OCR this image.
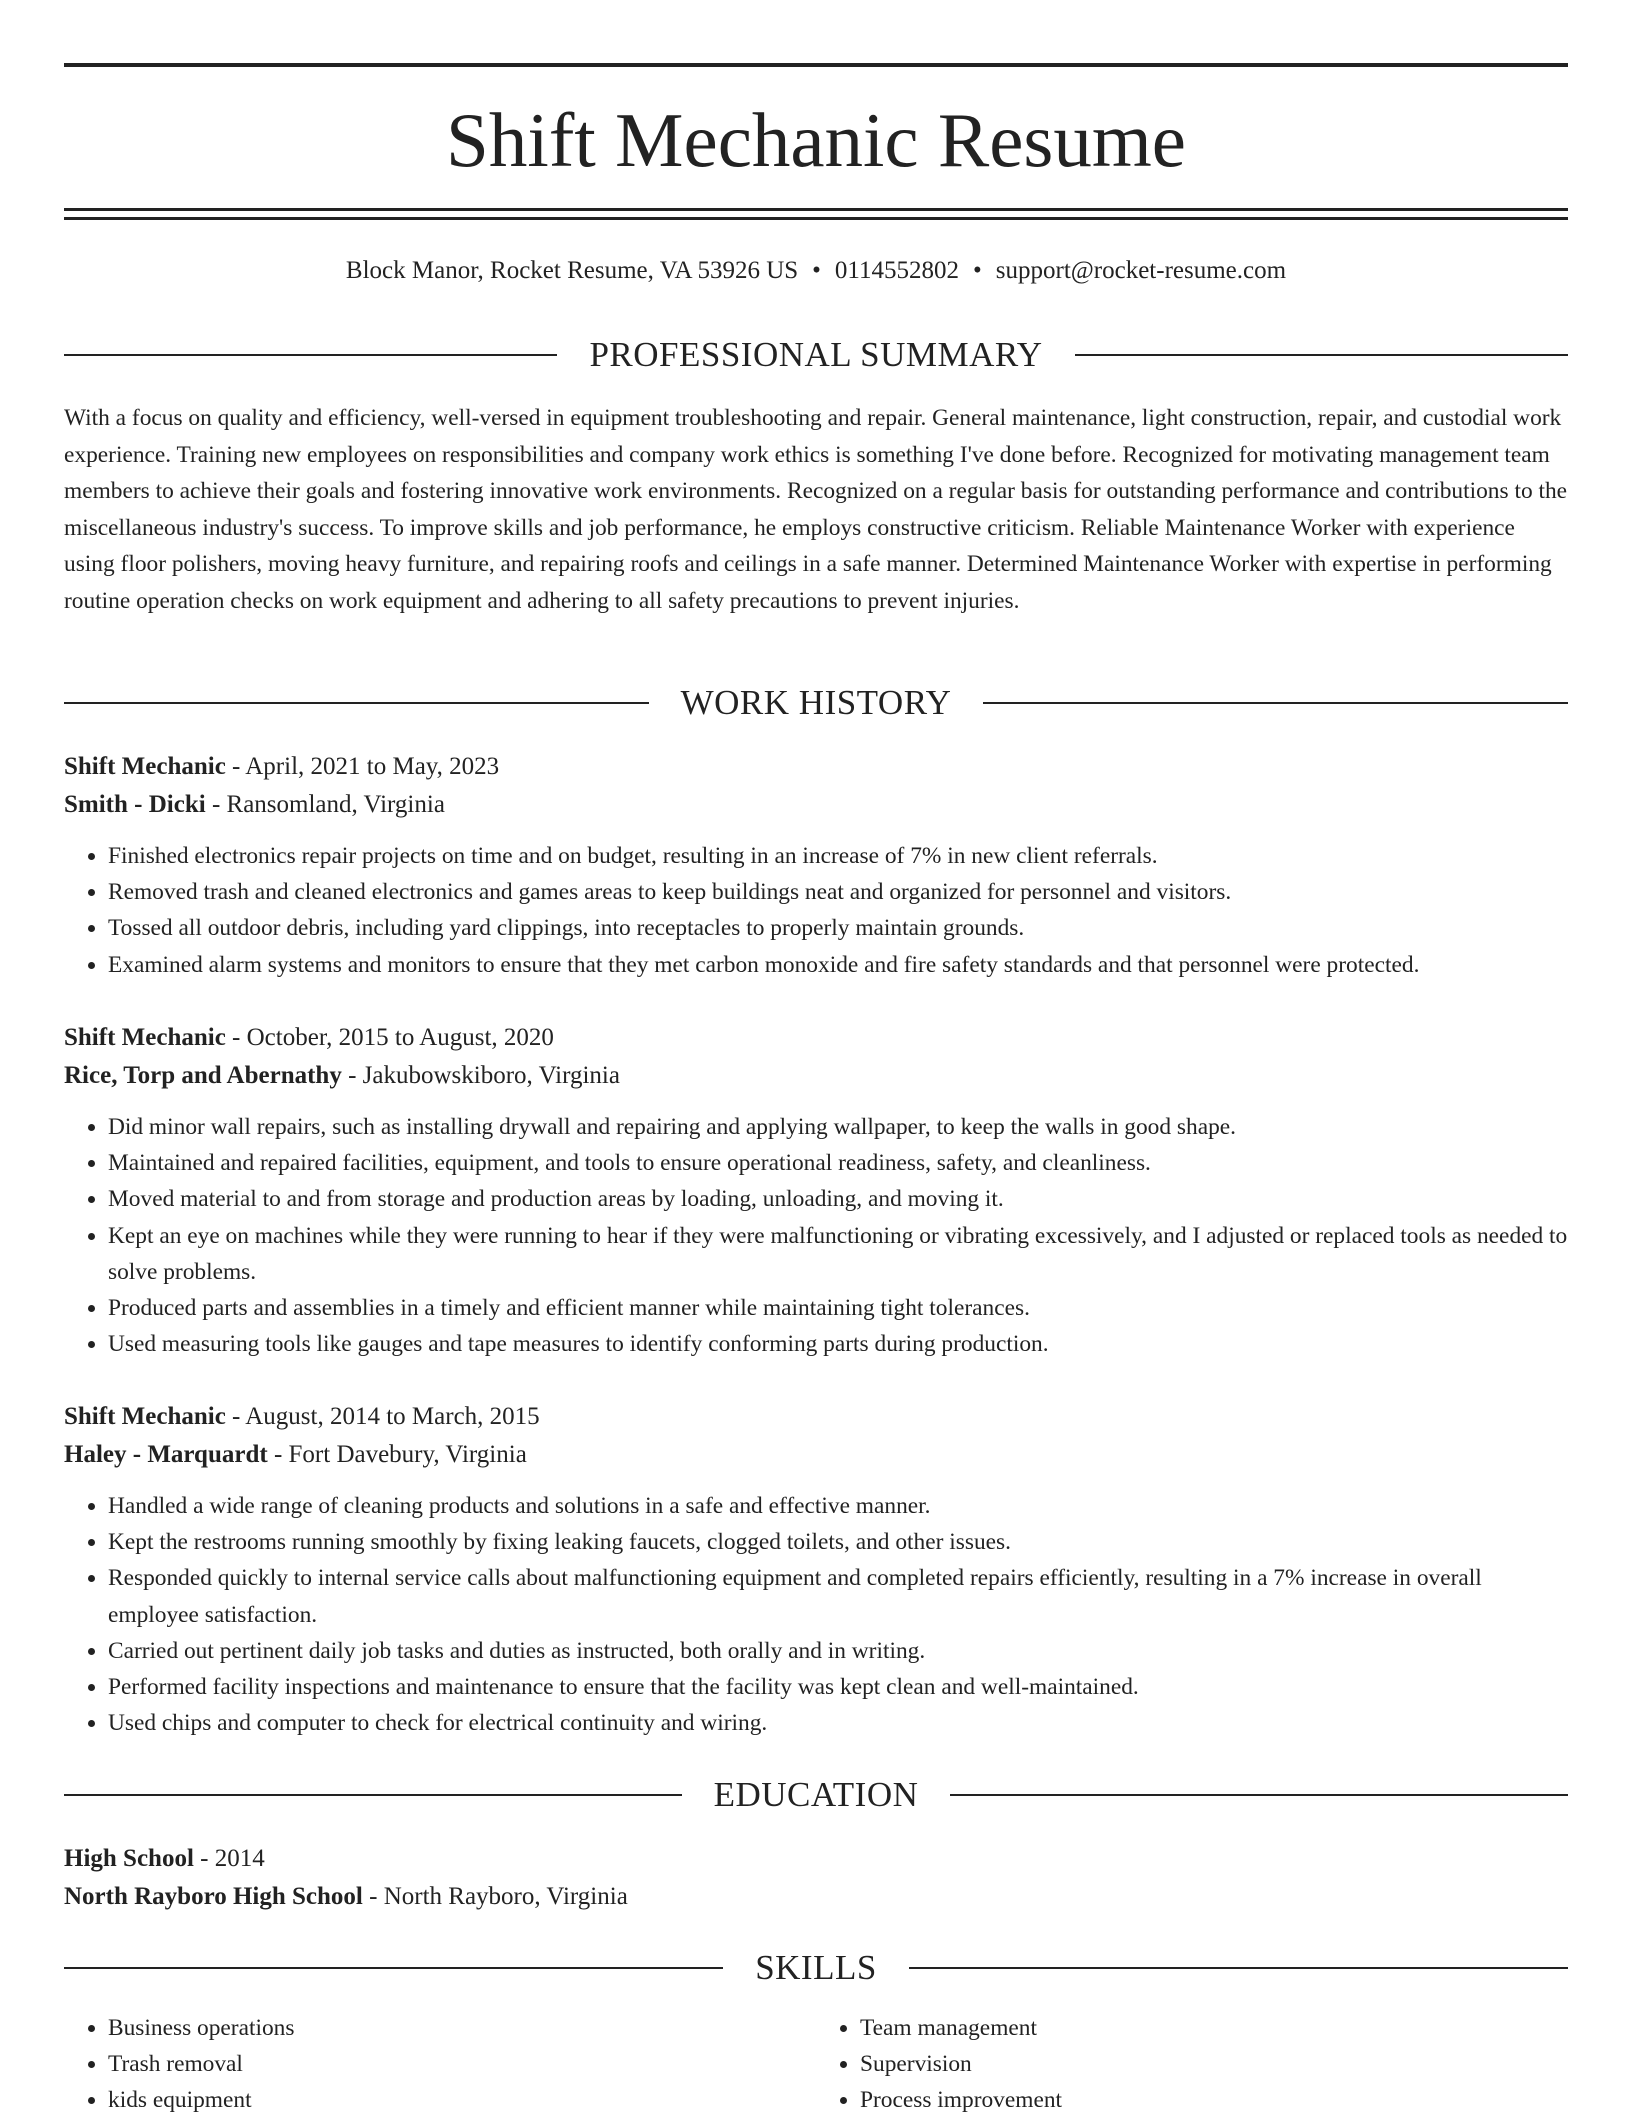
Shift Mechanic Resume
Block Manor, Rocket Resume, VA 53926 US • 0114552802 • support@rocket-resume.com
PROFESSIONAL SUMMARY

With a focus on quality and efficiency, well-versed in equipment troubleshooting and repair. General maintenance, light construction, repair, and custodial work experience. Training new employees on responsibilities and company work ethics is something I've done before. Recognized for motivating management team members to achieve their goals and fostering innovative work environments. Recognized on a regular basis for outstanding performance and contributions to the miscellaneous industry's success. To improve skills and job performance, he employs constructive criticism. Reliable Maintenance Worker with experience using floor polishers, moving heavy furniture, and repairing roofs and ceilings in a safe manner. Determined Maintenance Worker with expertise in performing routine operation checks on work equipment and adhering to all safety precautions to prevent injuries.

WORK HISTORY
Shift Mechanic - April, 2021 to May, 2023
Smith - Dicki - Ransomland, Virginia
• Finished electronics repair projects on time and on budget, resulting in an increase of 7% in new client referrals.
• Removed trash and cleaned electronics and games areas to keep buildings neat and organized for personnel and visitors.
• Tossed all outdoor debris, including yard clippings, into receptacles to properly maintain grounds.
• Examined alarm systems and monitors to ensure that they met carbon monoxide and fire safety standards and that personnel were protected.
Shift Mechanic - October, 2015 to August, 2020
Rice, Torp and Abernathy - Jakubowskiboro, Virginia
• Did minor wall repairs, such as installing drywall and repairing and applying wallpaper, to keep the walls in good shape.
• Maintained and repaired facilities, equipment, and tools to ensure operational readiness, safety, and cleanliness.
• Moved material to and from storage and production areas by loading, unloading, and moving it.
• Kept an eye on machines while they were running to hear if they were malfunctioning or vibrating excessively, and I adjusted or replaced tools as needed to solve problems.
• Produced parts and assemblies in a timely and efficient manner while maintaining tight tolerances.
• Used measuring tools like gauges and tape measures to identify conforming parts during production.
Shift Mechanic - August, 2014 to March, 2015
Haley - Marquardt - Fort Davebury, Virginia
• Handled a wide range of cleaning products and solutions in a safe and effective manner.
• Kept the restrooms running smoothly by fixing leaking faucets, clogged toilets, and other issues.
• Responded quickly to internal service calls about malfunctioning equipment and completed repairs efficiently, resulting in a 7% increase in overall employee satisfaction.
• Carried out pertinent daily job tasks and duties as instructed, both orally and in writing.
• Performed facility inspections and maintenance to ensure that the facility was kept clean and well-maintained.
• Used chips and computer to check for electrical continuity and wiring.
EDUCATION
High School - 2014
North Rayboro High School - North Rayboro, Virginia
SKILLS
• Business operations
• Trash removal
• kids equipment
• Team management
• Supervision
• Process improvement
